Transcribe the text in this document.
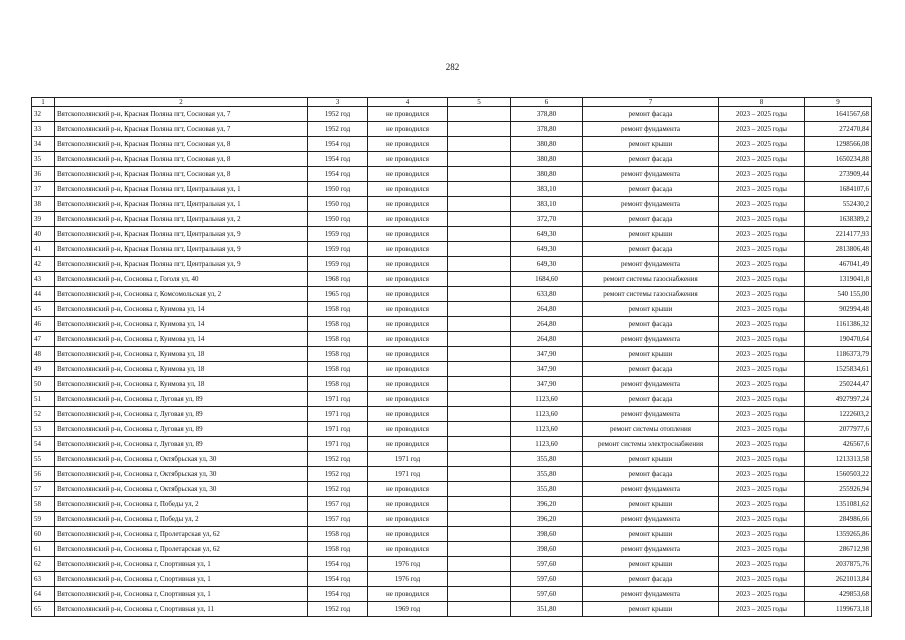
282
1	2	3	4	5	6	7	8	9
32	Вятскополянский р-н, Красная Поляна пгт, Сосновая ул, 7	1952 год	не проводился		378,80	ремонт фасада	2023 – 2025 годы	1641567,68
33	Вятскополянский р-н, Красная Поляна пгт, Сосновая ул, 7	1952 год	не проводился		378,80	ремонт фундамента	2023 – 2025 годы	272470,84
34	Вятскополянский р-н, Красная Поляна пгт, Сосновая ул, 8	1954 год	не проводился		380,80	ремонт крыши	2023 – 2025 годы	1298566,08
35	Вятскополянский р-н, Красная Поляна пгт, Сосновая ул, 8	1954 год	не проводился		380,80	ремонт фасада	2023 – 2025 годы	1650234,88
36	Вятскополянский р-н, Красная Поляна пгт, Сосновая ул, 8	1954 год	не проводился		380,80	ремонт фундамента	2023 – 2025 годы	273909,44
37	Вятскополянский р-н, Красная Поляна пгт, Центральная ул, 1	1950 год	не проводился		383,10	ремонт фасада	2023 – 2025 годы	1684107,6
38	Вятскополянский р-н, Красная Поляна пгт, Центральная ул, 1	1950 год	не проводился		383,10	ремонт фундамента	2023 – 2025 годы	552430,2
39	Вятскополянский р-н, Красная Поляна пгт, Центральная ул, 2	1950 год	не проводился		372,70	ремонт фасада	2023 – 2025 годы	1638389,2
40	Вятскополянский р-н, Красная Поляна пгт, Центральная ул, 9	1959 год	не проводился		649,30	ремонт крыши	2023 – 2025 годы	2214177,93
41	Вятскополянский р-н, Красная Поляна пгт, Центральная ул, 9	1959 год	не проводился		649,30	ремонт фасада	2023 – 2025 годы	2813806,48
42	Вятскополянский р-н, Красная Поляна пгт, Центральная ул, 9	1959 год	не проводился		649,30	ремонт фундамента	2023 – 2025 годы	467041,49
43	Вятскополянский р-н, Сосновка г, Гоголя ул, 40	1968 год	не проводился		1684,60	ремонт системы газоснабжения	2023 – 2025 годы	1319041,8
44	Вятскополянский р-н, Сосновка г, Комсомольская ул, 2	1965 год	не проводился		633,80	ремонт системы газоснабжения	2023 – 2025 годы	540 155,00
45	Вятскополянский р-н, Сосновка г, Куимова ул, 14	1958 год	не проводился		264,80	ремонт крыши	2023 – 2025 годы	902994,48
46	Вятскополянский р-н, Сосновка г, Куимова ул, 14	1958 год	не проводился		264,80	ремонт фасада	2023 – 2025 годы	1161386,32
47	Вятскополянский р-н, Сосновка г, Куимова ул, 14	1958 год	не проводился		264,80	ремонт фундамента	2023 – 2025 годы	190470,64
48	Вятскополянский р-н, Сосновка г, Куимова ул, 18	1958 год	не проводился		347,90	ремонт крыши	2023 – 2025 годы	1186373,79
49	Вятскополянский р-н, Сосновка г, Куимова ул, 18	1958 год	не проводился		347,90	ремонт фасада	2023 – 2025 годы	1525834,61
50	Вятскополянский р-н, Сосновка г, Куимова ул, 18	1958 год	не проводился		347,90	ремонт фундамента	2023 – 2025 годы	250244,47
51	Вятскополянский р-н, Сосновка г, Луговая ул, 89	1971 год	не проводился		1123,60	ремонт фасада	2023 – 2025 годы	4927997,24
52	Вятскополянский р-н, Сосновка г, Луговая ул, 89	1971 год	не проводился		1123,60	ремонт фундамента	2023 – 2025 годы	1222603,2
53	Вятскополянский р-н, Сосновка г, Луговая ул, 89	1971 год	не проводился		1123,60	ремонт системы отопления	2023 – 2025 годы	2077977,6
54	Вятскополянский р-н, Сосновка г, Луговая ул, 89	1971 год	не проводился		1123,60	ремонт системы электроснабжения	2023 – 2025 годы	426567,6
55	Вятскополянский р-н, Сосновка г, Октябрьская ул, 30	1952 год	1971 год		355,80	ремонт крыши	2023 – 2025 годы	1213313,58
56	Вятскополянский р-н, Сосновка г, Октябрьская ул, 30	1952 год	1971 год		355,80	ремонт фасада	2023 – 2025 годы	1560503,22
57	Вятскополянский р-н, Сосновка г, Октябрьская ул, 30	1952 год	не проводился		355,80	ремонт фундамента	2023 – 2025 годы	255926,94
58	Вятскополянский р-н, Сосновка г, Победы ул, 2	1957 год	не проводился		396,20	ремонт крыши	2023 – 2025 годы	1351081,62
59	Вятскополянский р-н, Сосновка г, Победы ул, 2	1957 год	не проводился		396,20	ремонт фундамента	2023 – 2025 годы	284986,66
60	Вятскополянский р-н, Сосновка г, Пролетарская ул, 62	1958 год	не проводился		398,60	ремонт крыши	2023 – 2025 годы	1359265,86
61	Вятскополянский р-н, Сосновка г, Пролетарская ул, 62	1958 год	не проводился		398,60	ремонт фундамента	2023 – 2025 годы	286712,98
62	Вятскополянский р-н, Сосновка г, Спортивная ул, 1	1954 год	1976 год		597,60	ремонт крыши	2023 – 2025 годы	2037875,76
63	Вятскополянский р-н, Сосновка г, Спортивная ул, 1	1954 год	1976 год		597,60	ремонт фасада	2023 – 2025 годы	2621013,84
64	Вятскополянский р-н, Сосновка г, Спортивная ул, 1	1954 год	не проводился		597,60	ремонт фундамента	2023 – 2025 годы	429853,68
65	Вятскополянский р-н, Сосновка г, Спортивная ул, 11	1952 год	1969 год		351,80	ремонт крыши	2023 – 2025 годы	1199673,18
